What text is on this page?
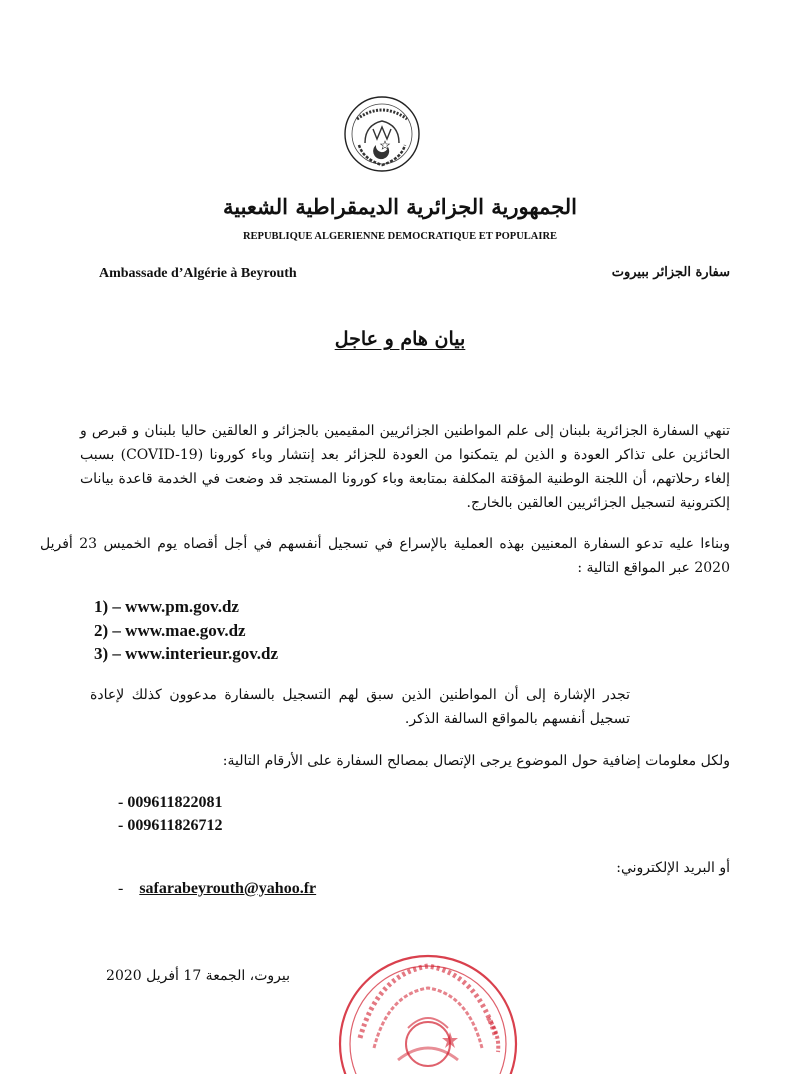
الجمهورية الجزائرية الديمقراطية الشعبية
REPUBLIQUE ALGERIENNE DEMOCRATIQUE ET POPULAIRE
Ambassade d’Algérie à Beyrouth	سفارة الجزائر ببيروت
بيان هام و عاجل
تنهي السفارة الجزائرية بلبنان إلى علم المواطنين الجزائريين المقيمين بالجزائر و العالقين حاليا بلبنان و قبرص و الحائزين على تذاكر العودة و الذين لم يتمكنوا من العودة للجزائر بعد إنتشار وباء كورونا (COVID-19) بسبب إلغاء رحلاتهم، أن اللجنة الوطنية المؤقتة المكلفة بمتابعة وباء كورونا المستجد قد وضعت في الخدمة قاعدة بيانات إلكترونية لتسجيل الجزائريين العالقين بالخارج.
وبناءا عليه تدعو السفارة المعنيين بهذه العملية بالإسراع في تسجيل أنفسهم في أجل أقصاه يوم الخميس 23 أفريل 2020 عبر المواقع التالية :
1) – www.pm.gov.dz
2) – www.mae.gov.dz
3) – www.interieur.gov.dz
تجدر الإشارة إلى أن المواطنين الذين سبق لهم التسجيل بالسفارة مدعوون كذلك لإعادة تسجيل أنفسهم بالمواقع السالفة الذكر.
ولكل معلومات إضافية حول الموضوع يرجى الإتصال بمصالح السفارة على الأرقام التالية:
- 009611822081
- 009611826712
أو البريد الإلكتروني:
- safarabeyrouth@yahoo.fr
بيروت، الجمعة 17 أفريل 2020
